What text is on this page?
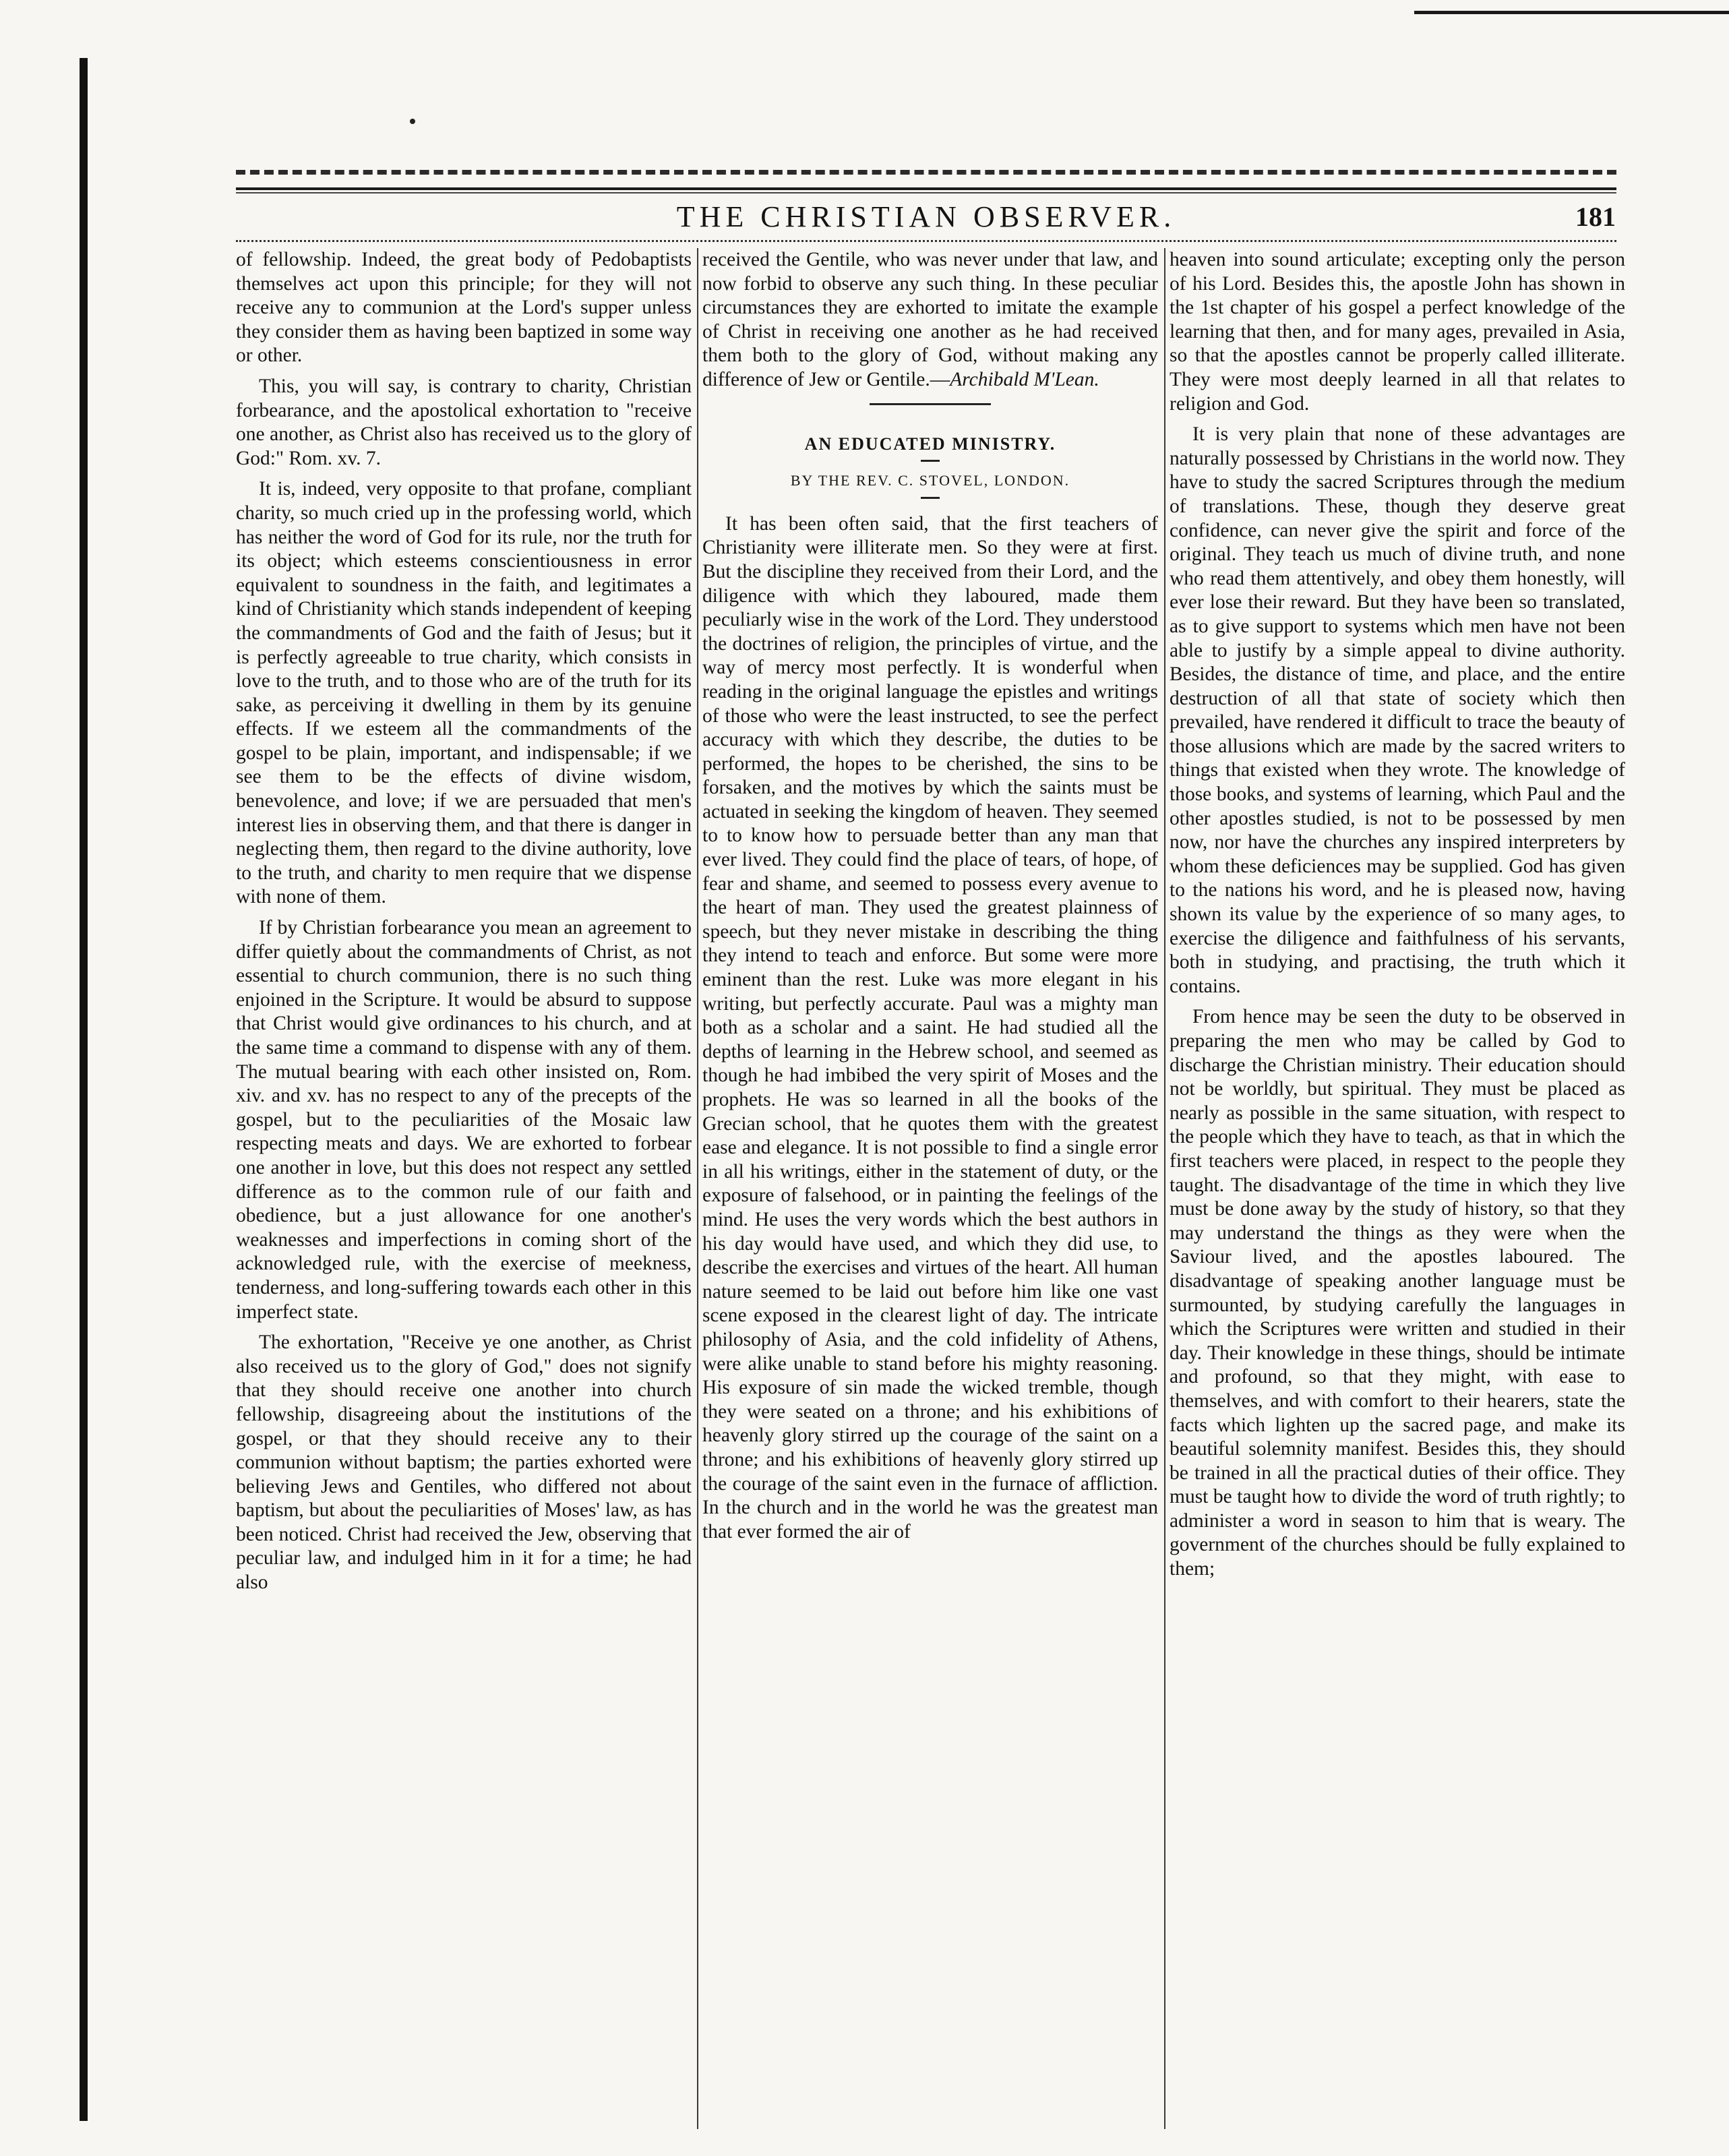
THE CHRISTIAN OBSERVER.	181

of fellowship. Indeed, the great body of Pedobaptists themselves act upon this principle; for they will not receive any to communion at the Lord's supper unless they consider them as having been baptized in some way or other.

This, you will say, is contrary to charity, Christian forbearance, and the apostolical exhortation to "receive one another, as Christ also has received us to the glory of God:" Rom. xv. 7.

It is, indeed, very opposite to that profane, compliant charity, so much cried up in the professing world, which has neither the word of God for its rule, nor the truth for its object; which esteems conscientiousness in error equivalent to soundness in the faith, and legitimates a kind of Christianity which stands independent of keeping the commandments of God and the faith of Jesus; but it is perfectly agreeable to true charity, which consists in love to the truth, and to those who are of the truth for its sake, as perceiving it dwelling in them by its genuine effects. If we esteem all the commandments of the gospel to be plain, important, and indispensable; if we see them to be the effects of divine wisdom, benevolence, and love; if we are persuaded that men's interest lies in observing them, and that there is danger in neglecting them, then regard to the divine authority, love to the truth, and charity to men require that we dispense with none of them.

If by Christian forbearance you mean an agreement to differ quietly about the commandments of Christ, as not essential to church communion, there is no such thing enjoined in the Scripture. It would be absurd to suppose that Christ would give ordinances to his church, and at the same time a command to dispense with any of them. The mutual bearing with each other insisted on, Rom. xiv. and xv. has no respect to any of the precepts of the gospel, but to the peculiarities of the Mosaic law respecting meats and days. We are exhorted to forbear one another in love, but this does not respect any settled difference as to the common rule of our faith and obedience, but a just allowance for one another's weaknesses and imperfections in coming short of the acknowledged rule, with the exercise of meekness, tenderness, and long-suffering towards each other in this imperfect state.

The exhortation, "Receive ye one another, as Christ also received us to the glory of God," does not signify that they should receive one another into church fellowship, disagreeing about the institutions of the gospel, or that they should receive any to their communion without baptism; the parties exhorted were believing Jews and Gentiles, who differed not about baptism, but about the peculiarities of Moses' law, as has been noticed. Christ had received the Jew, observing that peculiar law, and indulged him in it for a time; he had also

received the Gentile, who was never under that law, and now forbid to observe any such thing. In these peculiar circumstances they are exhorted to imitate the example of Christ in receiving one another as he had received them both to the glory of God, without making any difference of Jew or Gentile.—Archibald M'Lean.

AN EDUCATED MINISTRY.

BY THE REV. C. STOVEL, LONDON.

It has been often said, that the first teachers of Christianity were illiterate men. So they were at first. But the discipline they received from their Lord, and the diligence with which they laboured, made them peculiarly wise in the work of the Lord. They understood the doctrines of religion, the principles of virtue, and the way of mercy most perfectly. It is wonderful when reading in the original language the epistles and writings of those who were the least instructed, to see the perfect accuracy with which they describe, the duties to be performed, the hopes to be cherished, the sins to be forsaken, and the motives by which the saints must be actuated in seeking the kingdom of heaven. They seemed to to know how to persuade better than any man that ever lived. They could find the place of tears, of hope, of fear and shame, and seemed to possess every avenue to the heart of man. They used the greatest plainness of speech, but they never mistake in describing the thing they intend to teach and enforce. But some were more eminent than the rest. Luke was more elegant in his writing, but perfectly accurate. Paul was a mighty man both as a scholar and a saint. He had studied all the depths of learning in the Hebrew school, and seemed as though he had imbibed the very spirit of Moses and the prophets. He was so learned in all the books of the Grecian school, that he quotes them with the greatest ease and elegance. It is not possible to find a single error in all his writings, either in the statement of duty, or the exposure of falsehood, or in painting the feelings of the mind. He uses the very words which the best authors in his day would have used, and which they did use, to describe the exercises and virtues of the heart. All human nature seemed to be laid out before him like one vast scene exposed in the clearest light of day. The intricate philosophy of Asia, and the cold infidelity of Athens, were alike unable to stand before his mighty reasoning. His exposure of sin made the wicked tremble, though they were seated on a throne; and his exhibitions of heavenly glory stirred up the courage of the saint on a throne; and his exhibitions of heavenly glory stirred up the courage of the saint even in the furnace of affliction. In the church and in the world he was the greatest man that ever formed the air of

heaven into sound articulate; excepting only the person of his Lord. Besides this, the apostle John has shown in the 1st chapter of his gospel a perfect knowledge of the learning that then, and for many ages, prevailed in Asia, so that the apostles cannot be properly called illiterate. They were most deeply learned in all that relates to religion and God.

It is very plain that none of these advantages are naturally possessed by Christians in the world now. They have to study the sacred Scriptures through the medium of translations. These, though they deserve great confidence, can never give the spirit and force of the original. They teach us much of divine truth, and none who read them attentively, and obey them honestly, will ever lose their reward. But they have been so translated, as to give support to systems which men have not been able to justify by a simple appeal to divine authority. Besides, the distance of time, and place, and the entire destruction of all that state of society which then prevailed, have rendered it difficult to trace the beauty of those allusions which are made by the sacred writers to things that existed when they wrote. The knowledge of those books, and systems of learning, which Paul and the other apostles studied, is not to be possessed by men now, nor have the churches any inspired interpreters by whom these deficiences may be supplied. God has given to the nations his word, and he is pleased now, having shown its value by the experience of so many ages, to exercise the diligence and faithfulness of his servants, both in studying, and practising, the truth which it contains.

From hence may be seen the duty to be observed in preparing the men who may be called by God to discharge the Christian ministry. Their education should not be worldly, but spiritual. They must be placed as nearly as possible in the same situation, with respect to the people which they have to teach, as that in which the first teachers were placed, in respect to the people they taught. The disadvantage of the time in which they live must be done away by the study of history, so that they may understand the things as they were when the Saviour lived, and the apostles laboured. The disadvantage of speaking another language must be surmounted, by studying carefully the languages in which the Scriptures were written and studied in their day. Their knowledge in these things, should be intimate and profound, so that they might, with ease to themselves, and with comfort to their hearers, state the facts which lighten up the sacred page, and make its beautiful solemnity manifest. Besides this, they should be trained in all the practical duties of their office. They must be taught how to divide the word of truth rightly; to administer a word in season to him that is weary. The government of the churches should be fully explained to them;
